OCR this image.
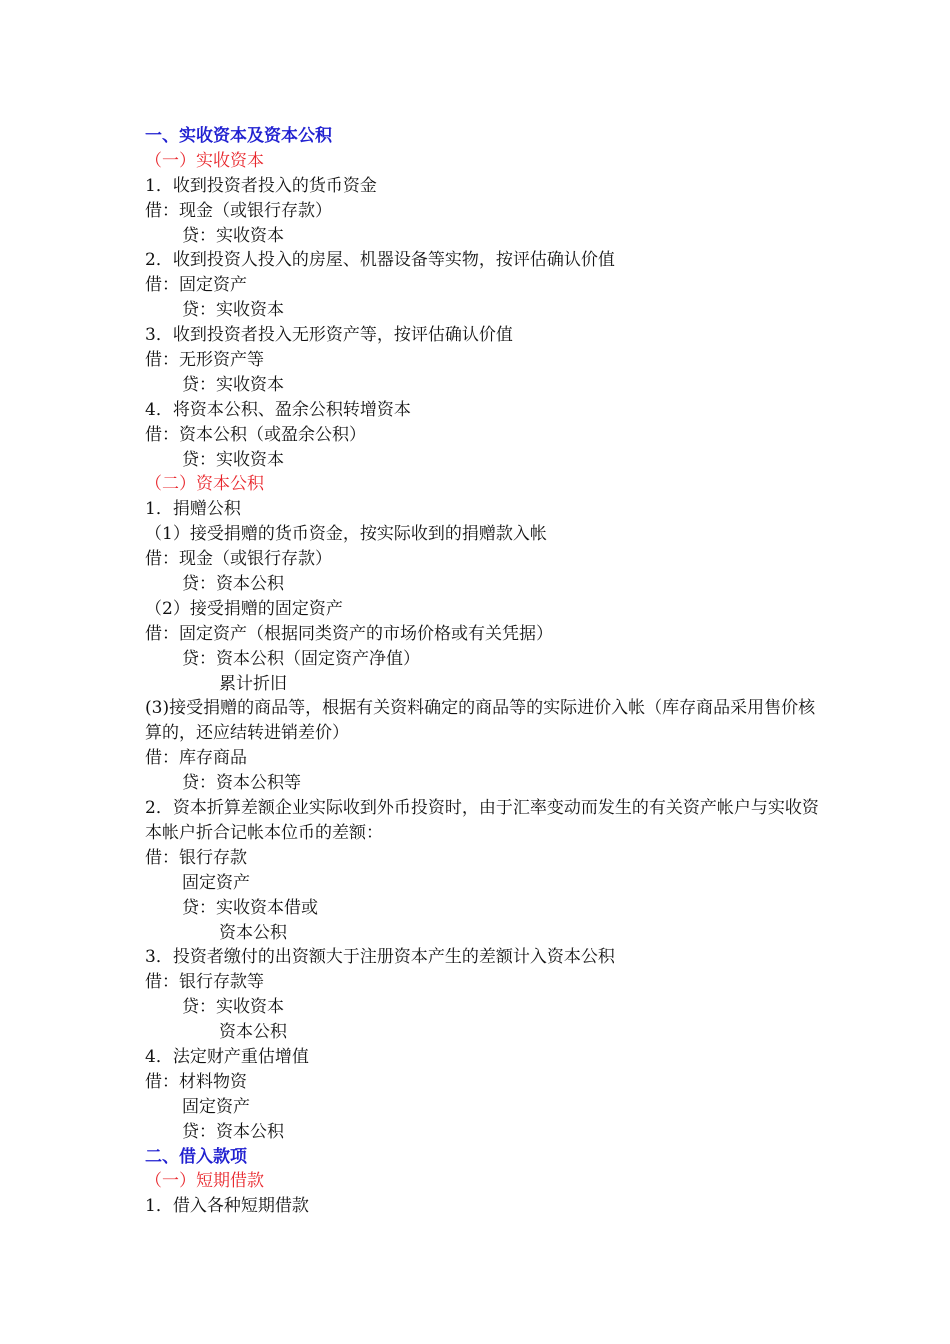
一、实收资本及资本公积
（一）实收资本
1．收到投资者投入的货币资金
借：现金（或银行存款）
贷：实收资本
2．收到投资人投入的房屋、机器设备等实物，按评估确认价值
借：固定资产
贷：实收资本
3．收到投资者投入无形资产等，按评估确认价值
借：无形资产等
贷：实收资本
4．将资本公积、盈余公积转增资本
借：资本公积（或盈余公积）
贷：实收资本
（二）资本公积
1．捐赠公积
（1）接受捐赠的货币资金，按实际收到的捐赠款入帐
借：现金（或银行存款）
贷：资本公积
（2）接受捐赠的固定资产
借：固定资产（根据同类资产的市场价格或有关凭据）
贷：资本公积（固定资产净值）
累计折旧
(3)接受捐赠的商品等，根据有关资料确定的商品等的实际进价入帐（库存商品采用售价核算的，还应结转进销差价）
借：库存商品
贷：资本公积等
2．资本折算差额企业实际收到外币投资时，由于汇率变动而发生的有关资产帐户与实收资本帐户折合记帐本位币的差额：
借：银行存款
固定资产
贷：实收资本借或
资本公积
3．投资者缴付的出资额大于注册资本产生的差额计入资本公积
借：银行存款等
贷：实收资本
资本公积
4．法定财产重估增值
借：材料物资
固定资产
贷：资本公积
二、借入款项
（一）短期借款
1．借入各种短期借款
